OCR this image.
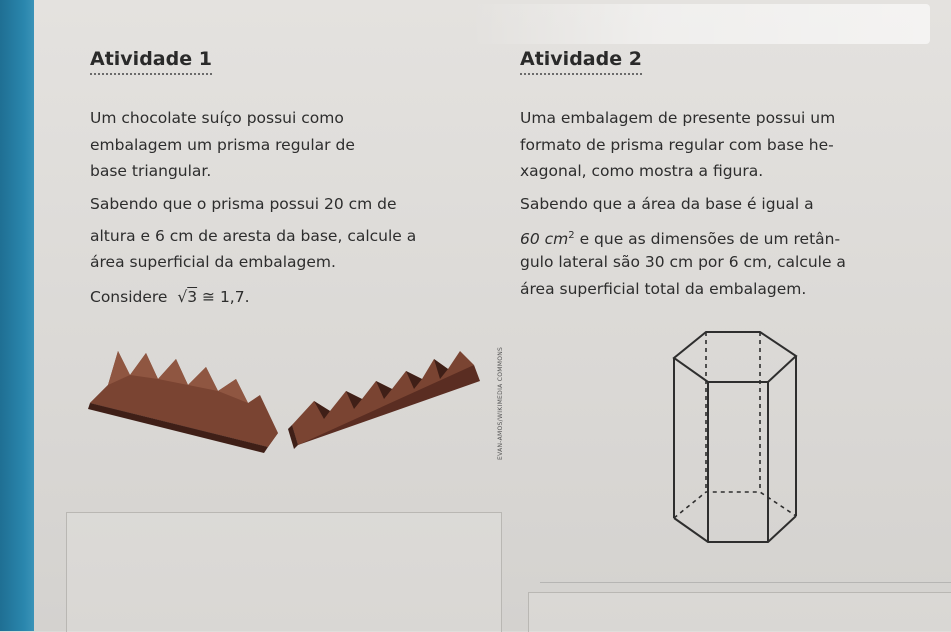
Atividade 1
Um chocolate suíço possui como
embalagem um prisma regular de
base triangular.
Sabendo que o prisma possui 20 cm de
altura e 6 cm de aresta da base, calcule a
área superficial da embalagem.
Considere  √3 ≅ 1,7.
EVAN-AMOS/WIKIMEDIA COMMONS
Atividade 2
Uma embalagem de presente possui um
formato de prisma regular com base he-
xagonal, como mostra a figura.
Sabendo que a área da base é igual a
60 $cm^2$ e que as dimensões de um retân-
gulo lateral são 30 cm por 6 cm, calcule a
área superficial total da embalagem.
